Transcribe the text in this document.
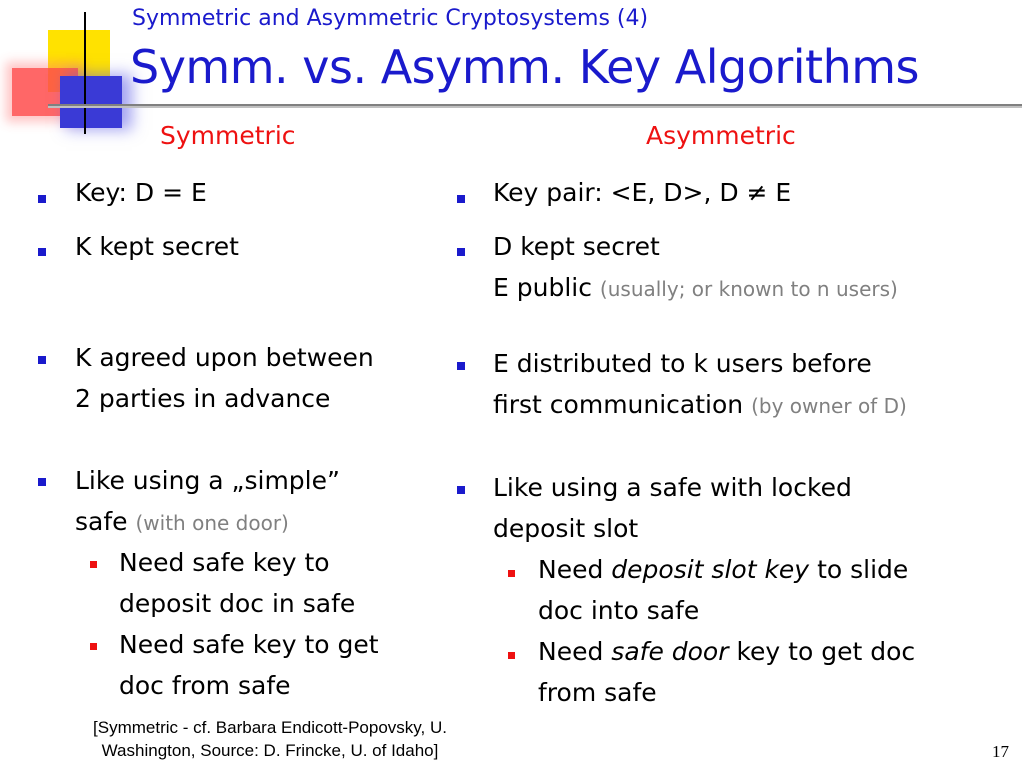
Symmetric and Asymmetric Cryptosystems (4)
Symm. vs. Asymm. Key Algorithms
Symmetric	Asymmetric
Key: D = E
K kept secret
K agreed upon between
2 parties in advance
Like using a „simple”
safe (with one door)
Need safe key to
deposit doc in safe
Need safe key to get
doc from safe
Key pair: <E, D>, D ≠ E
D kept secret
E public (usually; or known to n users)
E distributed to k users before
first communication (by owner of D)
Like using a safe with locked
deposit slot
Need deposit slot key to slide
doc into safe
Need safe door key to get doc
from safe
[Symmetric - cf. Barbara Endicott-Popovsky, U.
Washington, Source: D. Frincke, U. of Idaho]	17
